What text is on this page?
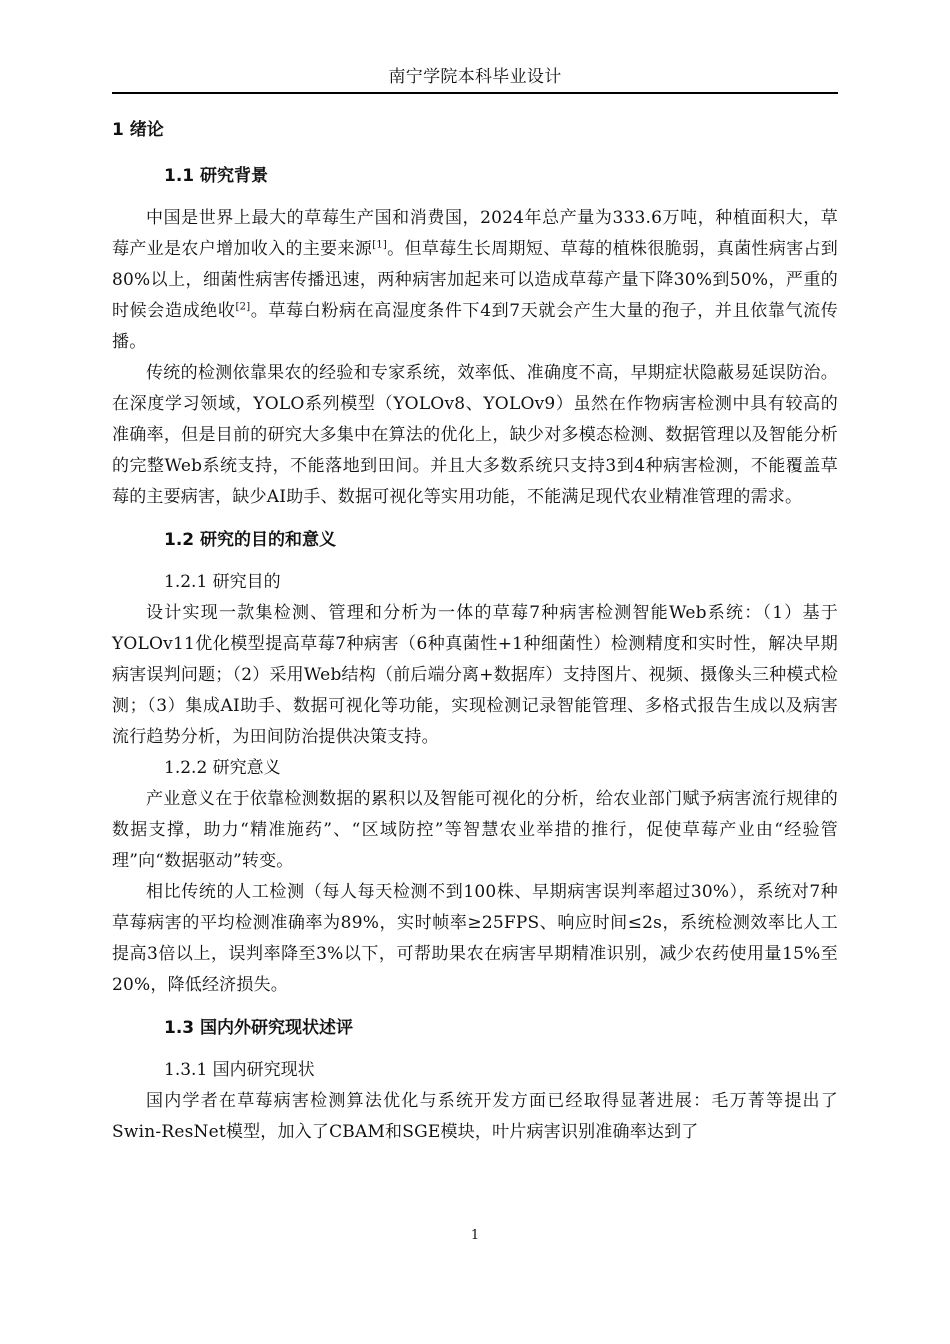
南宁学院本科毕业设计
1 绪论
1.1 研究背景

中国是世界上最大的草莓生产国和消费国，2024年总产量为333.6万吨，种植面积大，草莓产业是农户增加收入的主要来源[1]。但草莓生长周期短、草莓的植株很脆弱，真菌性病害占到80%以上，细菌性病害传播迅速，两种病害加起来可以造成草莓产量下降30%到50%，严重的时候会造成绝收[2]。草莓白粉病在高湿度条件下4到7天就会产生大量的孢子，并且依靠气流传播。

传统的检测依靠果农的经验和专家系统，效率低、准确度不高，早期症状隐蔽易延误防治。在深度学习领域，YOLO系列模型（YOLOv8、YOLOv9）虽然在作物病害检测中具有较高的准确率，但是目前的研究大多集中在算法的优化上，缺少对多模态检测、数据管理以及智能分析的完整Web系统支持，不能落地到田间。并且大多数系统只支持3到4种病害检测，不能覆盖草莓的主要病害，缺少AI助手、数据可视化等实用功能，不能满足现代农业精准管理的需求。

1.2 研究的目的和意义
1.2.1 研究目的

设计实现一款集检测、管理和分析为一体的草莓7种病害检测智能Web系统：（1）基于YOLOv11优化模型提高草莓7种病害（6种真菌性+1种细菌性）检测精度和实时性，解决早期病害误判问题；（2）采用Web结构（前后端分离+数据库）支持图片、视频、摄像头三种模式检测；（3）集成AI助手、数据可视化等功能，实现检测记录智能管理、多格式报告生成以及病害流行趋势分析，为田间防治提供决策支持。

1.2.2 研究意义

产业意义在于依靠检测数据的累积以及智能可视化的分析，给农业部门赋予病害流行规律的数据支撑，助力“精准施药”、“区域防控”等智慧农业举措的推行，促使草莓产业由“经验管理”向“数据驱动”转变。

相比传统的人工检测（每人每天检测不到100株、早期病害误判率超过30%），系统对7种草莓病害的平均检测准确率为89%，实时帧率≥25FPS、响应时间≤2s，系统检测效率比人工提高3倍以上，误判率降至3%以下，可帮助果农在病害早期精准识别，减少农药使用量15%至20%，降低经济损失。

1.3 国内外研究现状述评
1.3.1 国内研究现状

国内学者在草莓病害检测算法优化与系统开发方面已经取得显著进展：毛万菁等提出了Swin-ResNet模型，加入了CBAM和SGE模块，叶片病害识别准确率达到了

1
